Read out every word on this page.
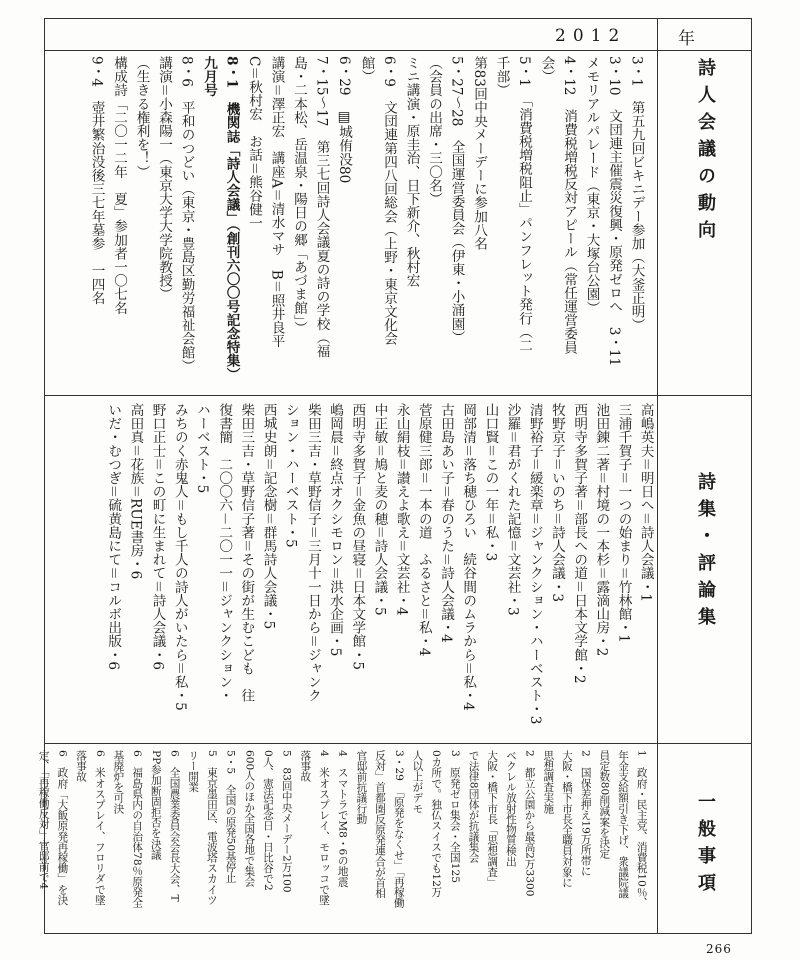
2012	年
詩人会議の動向
詩集・評論集
一般事項
3・1　第五九回ビキニデー参加（大釜正明）
3・10　文団連主催震災復興・原発ゼロへ　3・11
メモリアルパレード（東京・大塚台公園）
4・12　消費税増税反対アピール（常任運営委員
会）
5・1　「消費税増税阻止」パンフレット発行（二
千部）
第83回中央メーデーに参加八名
5・27～28　全国運営委員会（伊東・小涌園）
（会員の出席・三〇名）
ミニ講演・原圭治、日下新介、秋村宏
6・9　文団連第四八回総会（上野・東京文化会
館）
6・29　▤城侑没80
7・15～17　第三七回詩人会議夏の詩の学校（福
島・二本松、岳温泉・陽日の郷「あづま館」）
講演＝澤正宏　講座A＝清水マサ　B＝照井良平
C＝秋村宏　お話＝熊谷健一
8・1　機関誌「詩人会議」（創刊六〇〇号記念特集）
九月号
8・6　平和のつどい（東京・豊島区勤労福祉会館）
講演＝小森陽一（東京大学大学院教授）
（生きる権利を！）
構成詩「二〇一二年　夏」参加者一〇七名
9・4　壺井繁治没後三七年墓参　一四名
高嶋英夫＝明日へ＝詩人会議・1
三浦千賀子＝一つの始まり＝竹林館・1
池田錬二著＝村境の一本杉＝露滴山房・2
西明寺多賀子著＝部長への道＝日本文学館・2
牧野京子＝いのち＝詩人会議・3
清野裕子＝緩楽章＝ジャンクション・ハーベスト・3
沙羅＝君がくれた記憶＝文芸社・3
山口賢＝この一年＝私・3
岡部清＝落ち穂ひろい　続谷間のムラから＝私・4
古田島あい子＝春のうた＝詩人会議・4
菅原健三郎＝一本の道　ふるさと＝私・4
永山絹枝＝讃えよ歌え＝文芸社・4
中正敏＝鳩と麦の穂＝詩人会議・5
西明寺多賀子＝金魚の昼寝＝日本文学館・5
嶋岡晨＝終点オクシモロン＝洪水企画・5
柴田三吉・草野信子＝三月十一日から＝ジャンク
ション・ハーベスト・5
西城史朗＝記念樹＝群馬詩人会議・5
柴田三吉・草野信子著＝その街が生むこども　往
復書簡　二〇〇六－二〇一一＝ジャンクション・
ハーベスト・5
みちのく赤鬼人＝もし千人の詩人がいたら＝私・5
野口正士＝この町に生まれて＝詩人会議・6
高田真＝花族＝RUE書房・6
いだ・むつぎ＝硫黄島にて＝コルボ出版・6
1　政府・民主党、消費税10％、
年金支給額引き下げ、衆議院議
員定数80削減案を決定
2　国保差押え19万所帯に
大阪・橋下市長全職員対象に
思想調査実施
2　都立公園から最高2万3300
ベクレル放射性物質検出
大阪・橋下市長「思想調査」
で法律8団体が抗議集会
3　原発ゼロ集会・全国125
0カ所で。独仏スイスでも12万
人以上がデモ
3・29　「原発をなくせ」「再稼働
反対」首都圏反原発連合が首相
官邸前抗議行動
4　スマトラでM8・6の地震
4　米オスプレイ、モロッコで墜
落事故
5　83回中央メーデー2万100
0人、憲法記念日・日比谷で2
600人のほか全国各地で集会
5・5　全国の原発50基停止
5　東京墨田区、電波塔スカイツ
リー開業
6　全国農業委員会会長大会、T
PP参加断固拒否を決議
6　福島県内の自治体78％原発全
基廃炉を可決
6　米オスプレイ、フロリダで墜
落事故
6　政府「大飯原発再稼働」を決
定、「再稼働反対」官邸前で4
266
